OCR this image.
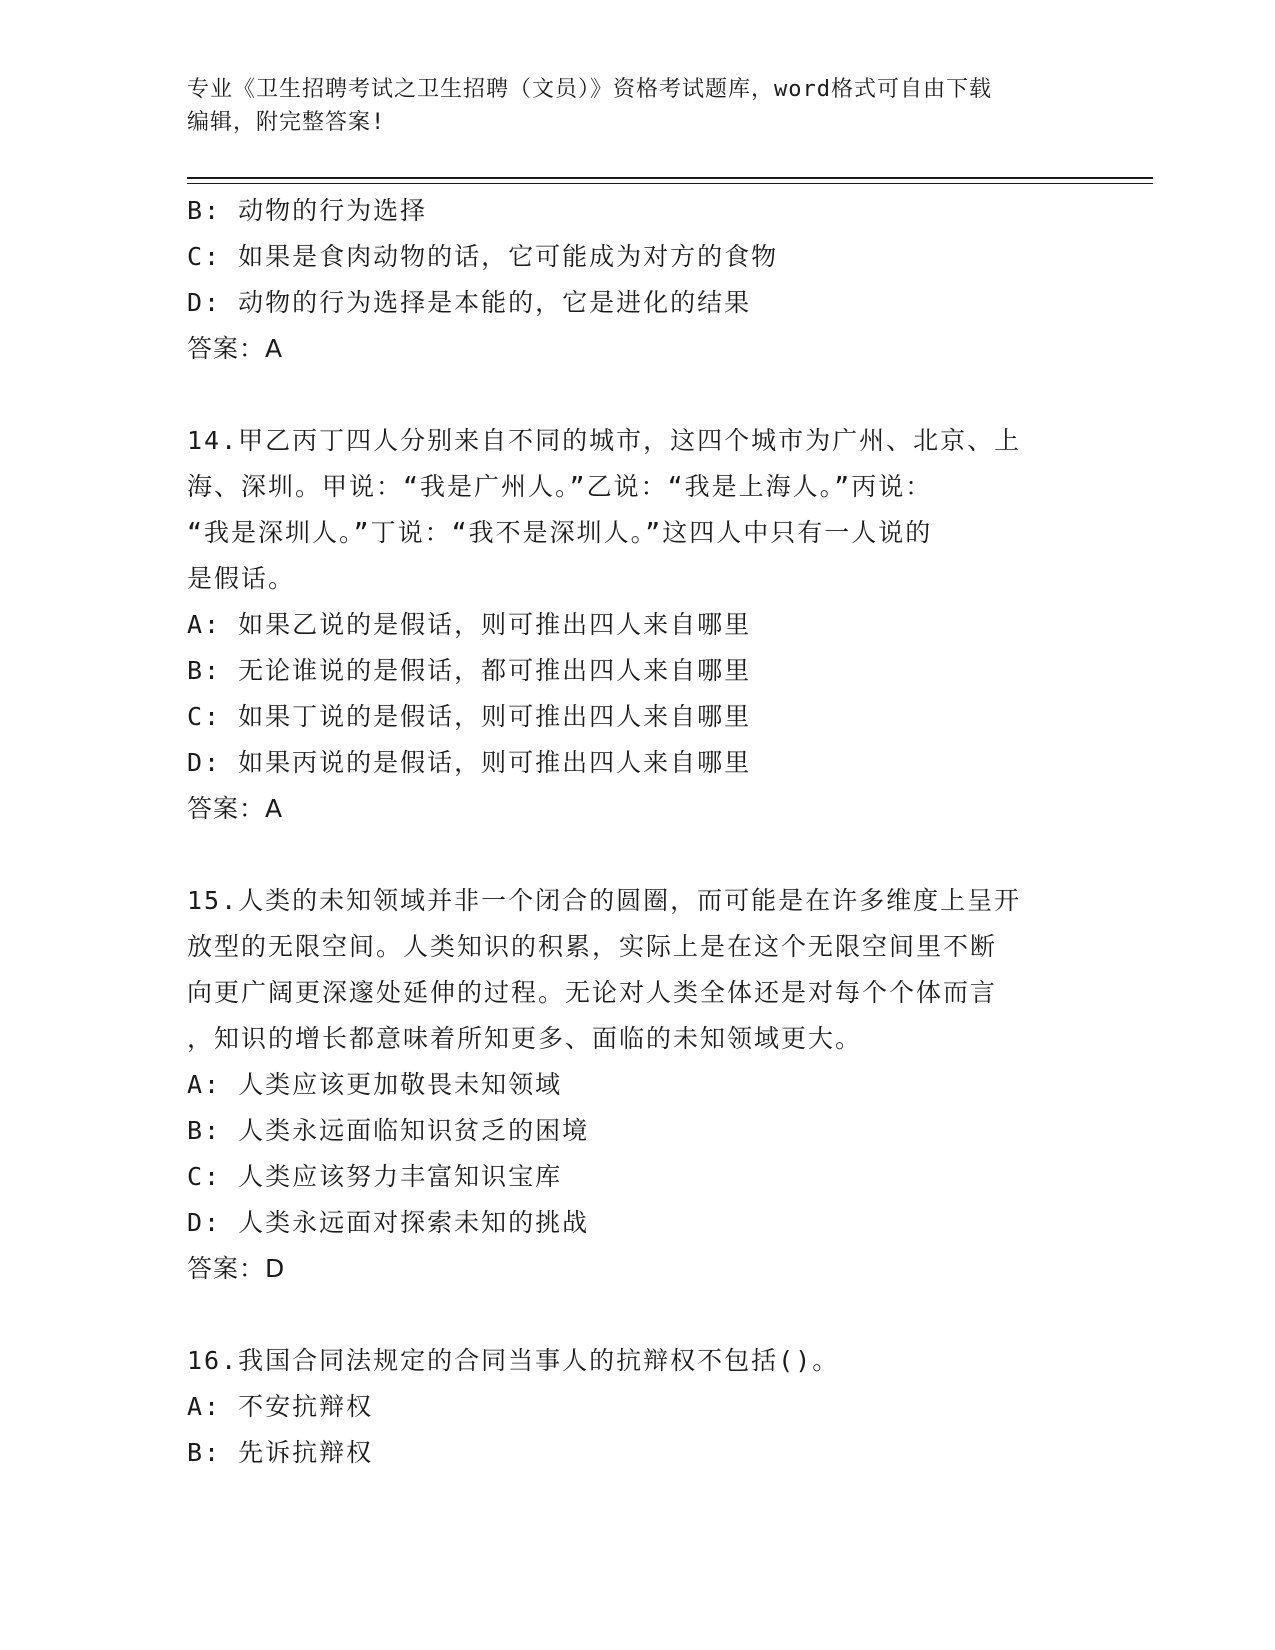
专业《卫生招聘考试之卫生招聘（文员）》资格考试题库，word格式可自由下载
编辑，附完整答案!
B: 动物的行为选择
C: 如果是食肉动物的话，它可能成为对方的食物
D: 动物的行为选择是本能的，它是进化的结果
答案：A
14.甲乙丙丁四人分别来自不同的城市，这四个城市为广州、北京、上
海、深圳。甲说：“我是广州人。”乙说：“我是上海人。”丙说：
“我是深圳人。”丁说：“我不是深圳人。”这四人中只有一人说的
是假话。
A: 如果乙说的是假话，则可推出四人来自哪里
B: 无论谁说的是假话，都可推出四人来自哪里
C: 如果丁说的是假话，则可推出四人来自哪里
D: 如果丙说的是假话，则可推出四人来自哪里
答案：A
15.人类的未知领域并非一个闭合的圆圈，而可能是在许多维度上呈开
放型的无限空间。人类知识的积累，实际上是在这个无限空间里不断
向更广阔更深邃处延伸的过程。无论对人类全体还是对每个个体而言
，知识的增长都意味着所知更多、面临的未知领域更大。
A: 人类应该更加敬畏未知领域
B: 人类永远面临知识贫乏的困境
C: 人类应该努力丰富知识宝库
D: 人类永远面对探索未知的挑战
答案：D
16.我国合同法规定的合同当事人的抗辩权不包括()。
A: 不安抗辩权
B: 先诉抗辩权
